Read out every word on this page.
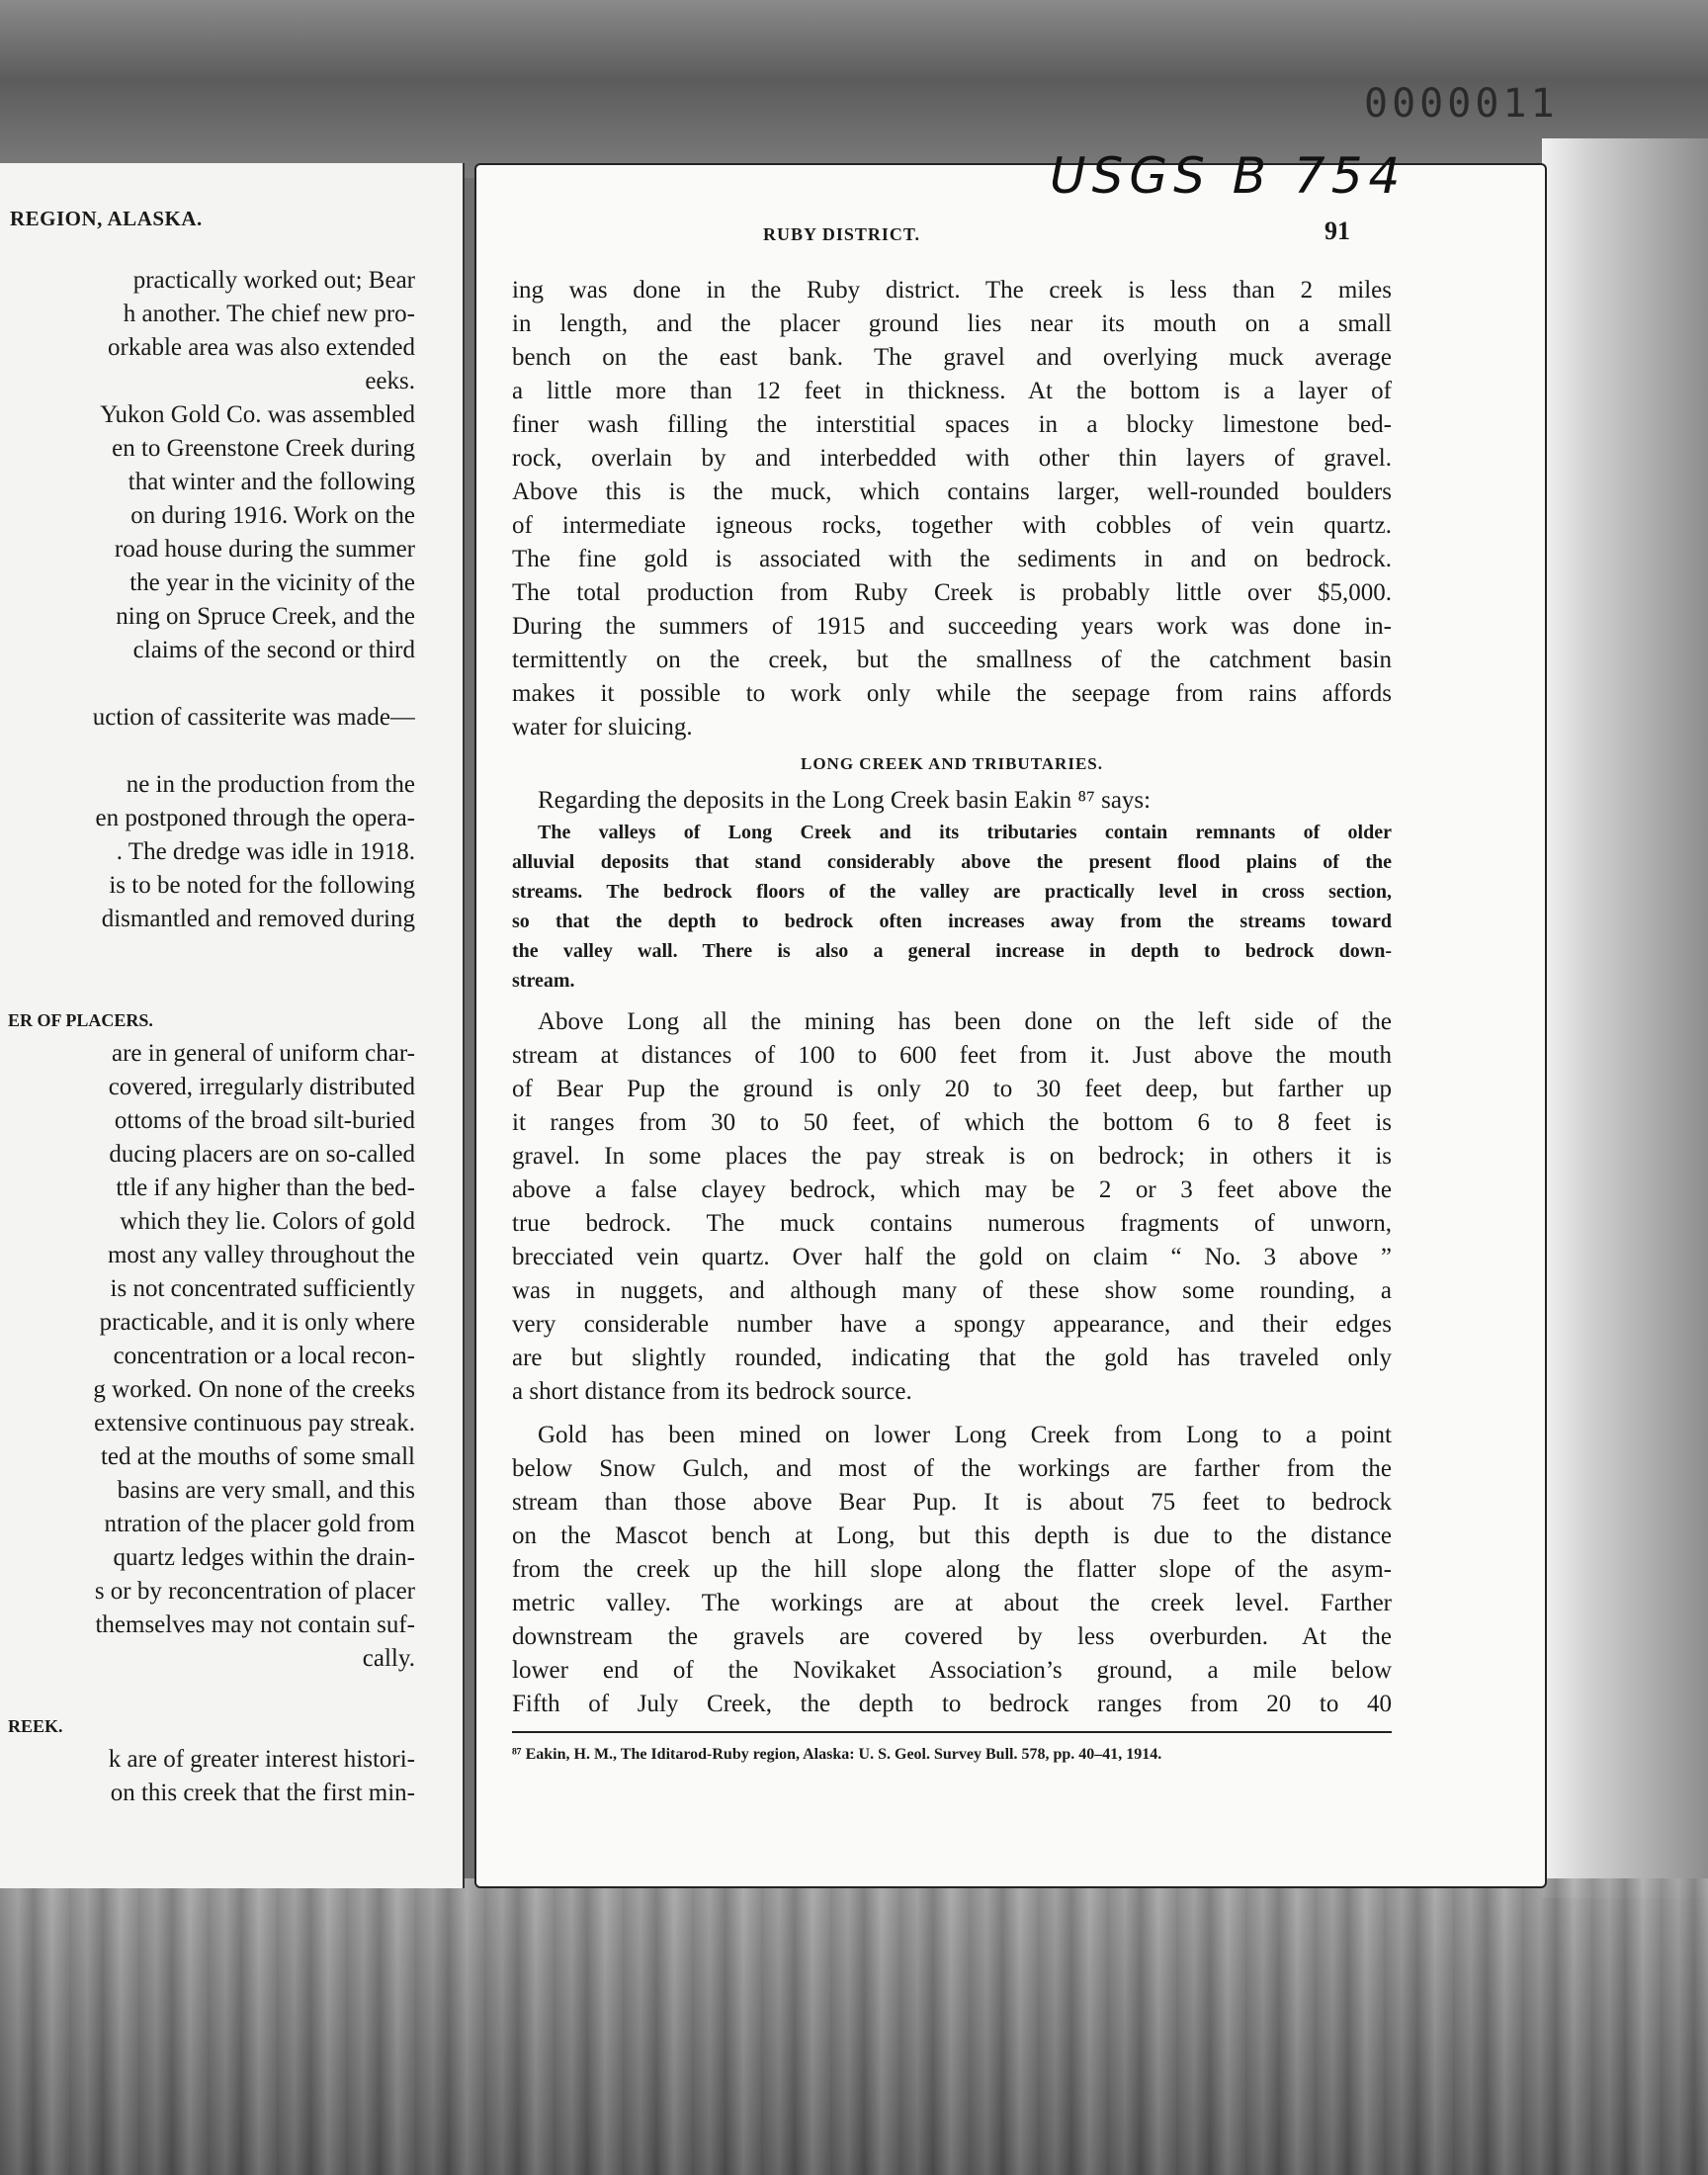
0000011
REGION, ALASKA.
practically worked out; Bear
h another. The chief new pro-
orkable area was also extended
eeks.
Yukon Gold Co. was assembled
en to Greenstone Creek during
that winter and the following
on during 1916. Work on the
road house during the summer
the year in the vicinity of the
ning on Spruce Creek, and the
claims of the second or third
uction of cassiterite was made—
ne in the production from the
en postponed through the opera-
. The dredge was idle in 1918.
is to be noted for the following
dismantled and removed during
ER OF PLACERS.
are in general of uniform char-
covered, irregularly distributed
ottoms of the broad silt-buried
ducing placers are on so-called
ttle if any higher than the bed-
which they lie. Colors of gold
most any valley throughout the
is not concentrated sufficiently
practicable, and it is only where
concentration or a local recon-
g worked. On none of the creeks
extensive continuous pay streak.
ted at the mouths of some small
basins are very small, and this
ntration of the placer gold from
quartz ledges within the drain-
s or by reconcentration of placer
themselves may not contain suf-
cally.
REEK.
k are of greater interest histori-
on this creek that the first min-
USGS B 754
RUBY DISTRICT.	91
ing was done in the Ruby district. The creek is less than 2 miles
in length, and the placer ground lies near its mouth on a small
bench on the east bank. The gravel and overlying muck average
a little more than 12 feet in thickness. At the bottom is a layer of
finer wash filling the interstitial spaces in a blocky limestone bed-
rock, overlain by and interbedded with other thin layers of gravel.
Above this is the muck, which contains larger, well-rounded boulders
of intermediate igneous rocks, together with cobbles of vein quartz.
The fine gold is associated with the sediments in and on bedrock.
The total production from Ruby Creek is probably little over $5,000.
During the summers of 1915 and succeeding years work was done in-
termittently on the creek, but the smallness of the catchment basin
makes it possible to work only while the seepage from rains affords
water for sluicing.
LONG CREEK AND TRIBUTARIES.
Regarding the deposits in the Long Creek basin Eakin ⁸⁷ says:
The valleys of Long Creek and its tributaries contain remnants of older
alluvial deposits that stand considerably above the present flood plains of the
streams. The bedrock floors of the valley are practically level in cross section,
so that the depth to bedrock often increases away from the streams toward
the valley wall. There is also a general increase in depth to bedrock down-
stream.
Above Long all the mining has been done on the left side of the
stream at distances of 100 to 600 feet from it. Just above the mouth
of Bear Pup the ground is only 20 to 30 feet deep, but farther up
it ranges from 30 to 50 feet, of which the bottom 6 to 8 feet is
gravel. In some places the pay streak is on bedrock; in others it is
above a false clayey bedrock, which may be 2 or 3 feet above the
true bedrock. The muck contains numerous fragments of unworn,
brecciated vein quartz. Over half the gold on claim “ No. 3 above ”
was in nuggets, and although many of these show some rounding, a
very considerable number have a spongy appearance, and their edges
are but slightly rounded, indicating that the gold has traveled only
a short distance from its bedrock source.
Gold has been mined on lower Long Creek from Long to a point
below Snow Gulch, and most of the workings are farther from the
stream than those above Bear Pup. It is about 75 feet to bedrock
on the Mascot bench at Long, but this depth is due to the distance
from the creek up the hill slope along the flatter slope of the asym-
metric valley. The workings are at about the creek level. Farther
downstream the gravels are covered by less overburden. At the
lower end of the Novikaket Association’s ground, a mile below
Fifth of July Creek, the depth to bedrock ranges from 20 to 40
⁸⁷ Eakin, H. M., The Iditarod-Ruby region, Alaska: U. S. Geol. Survey Bull. 578, pp. 40–41, 1914.
